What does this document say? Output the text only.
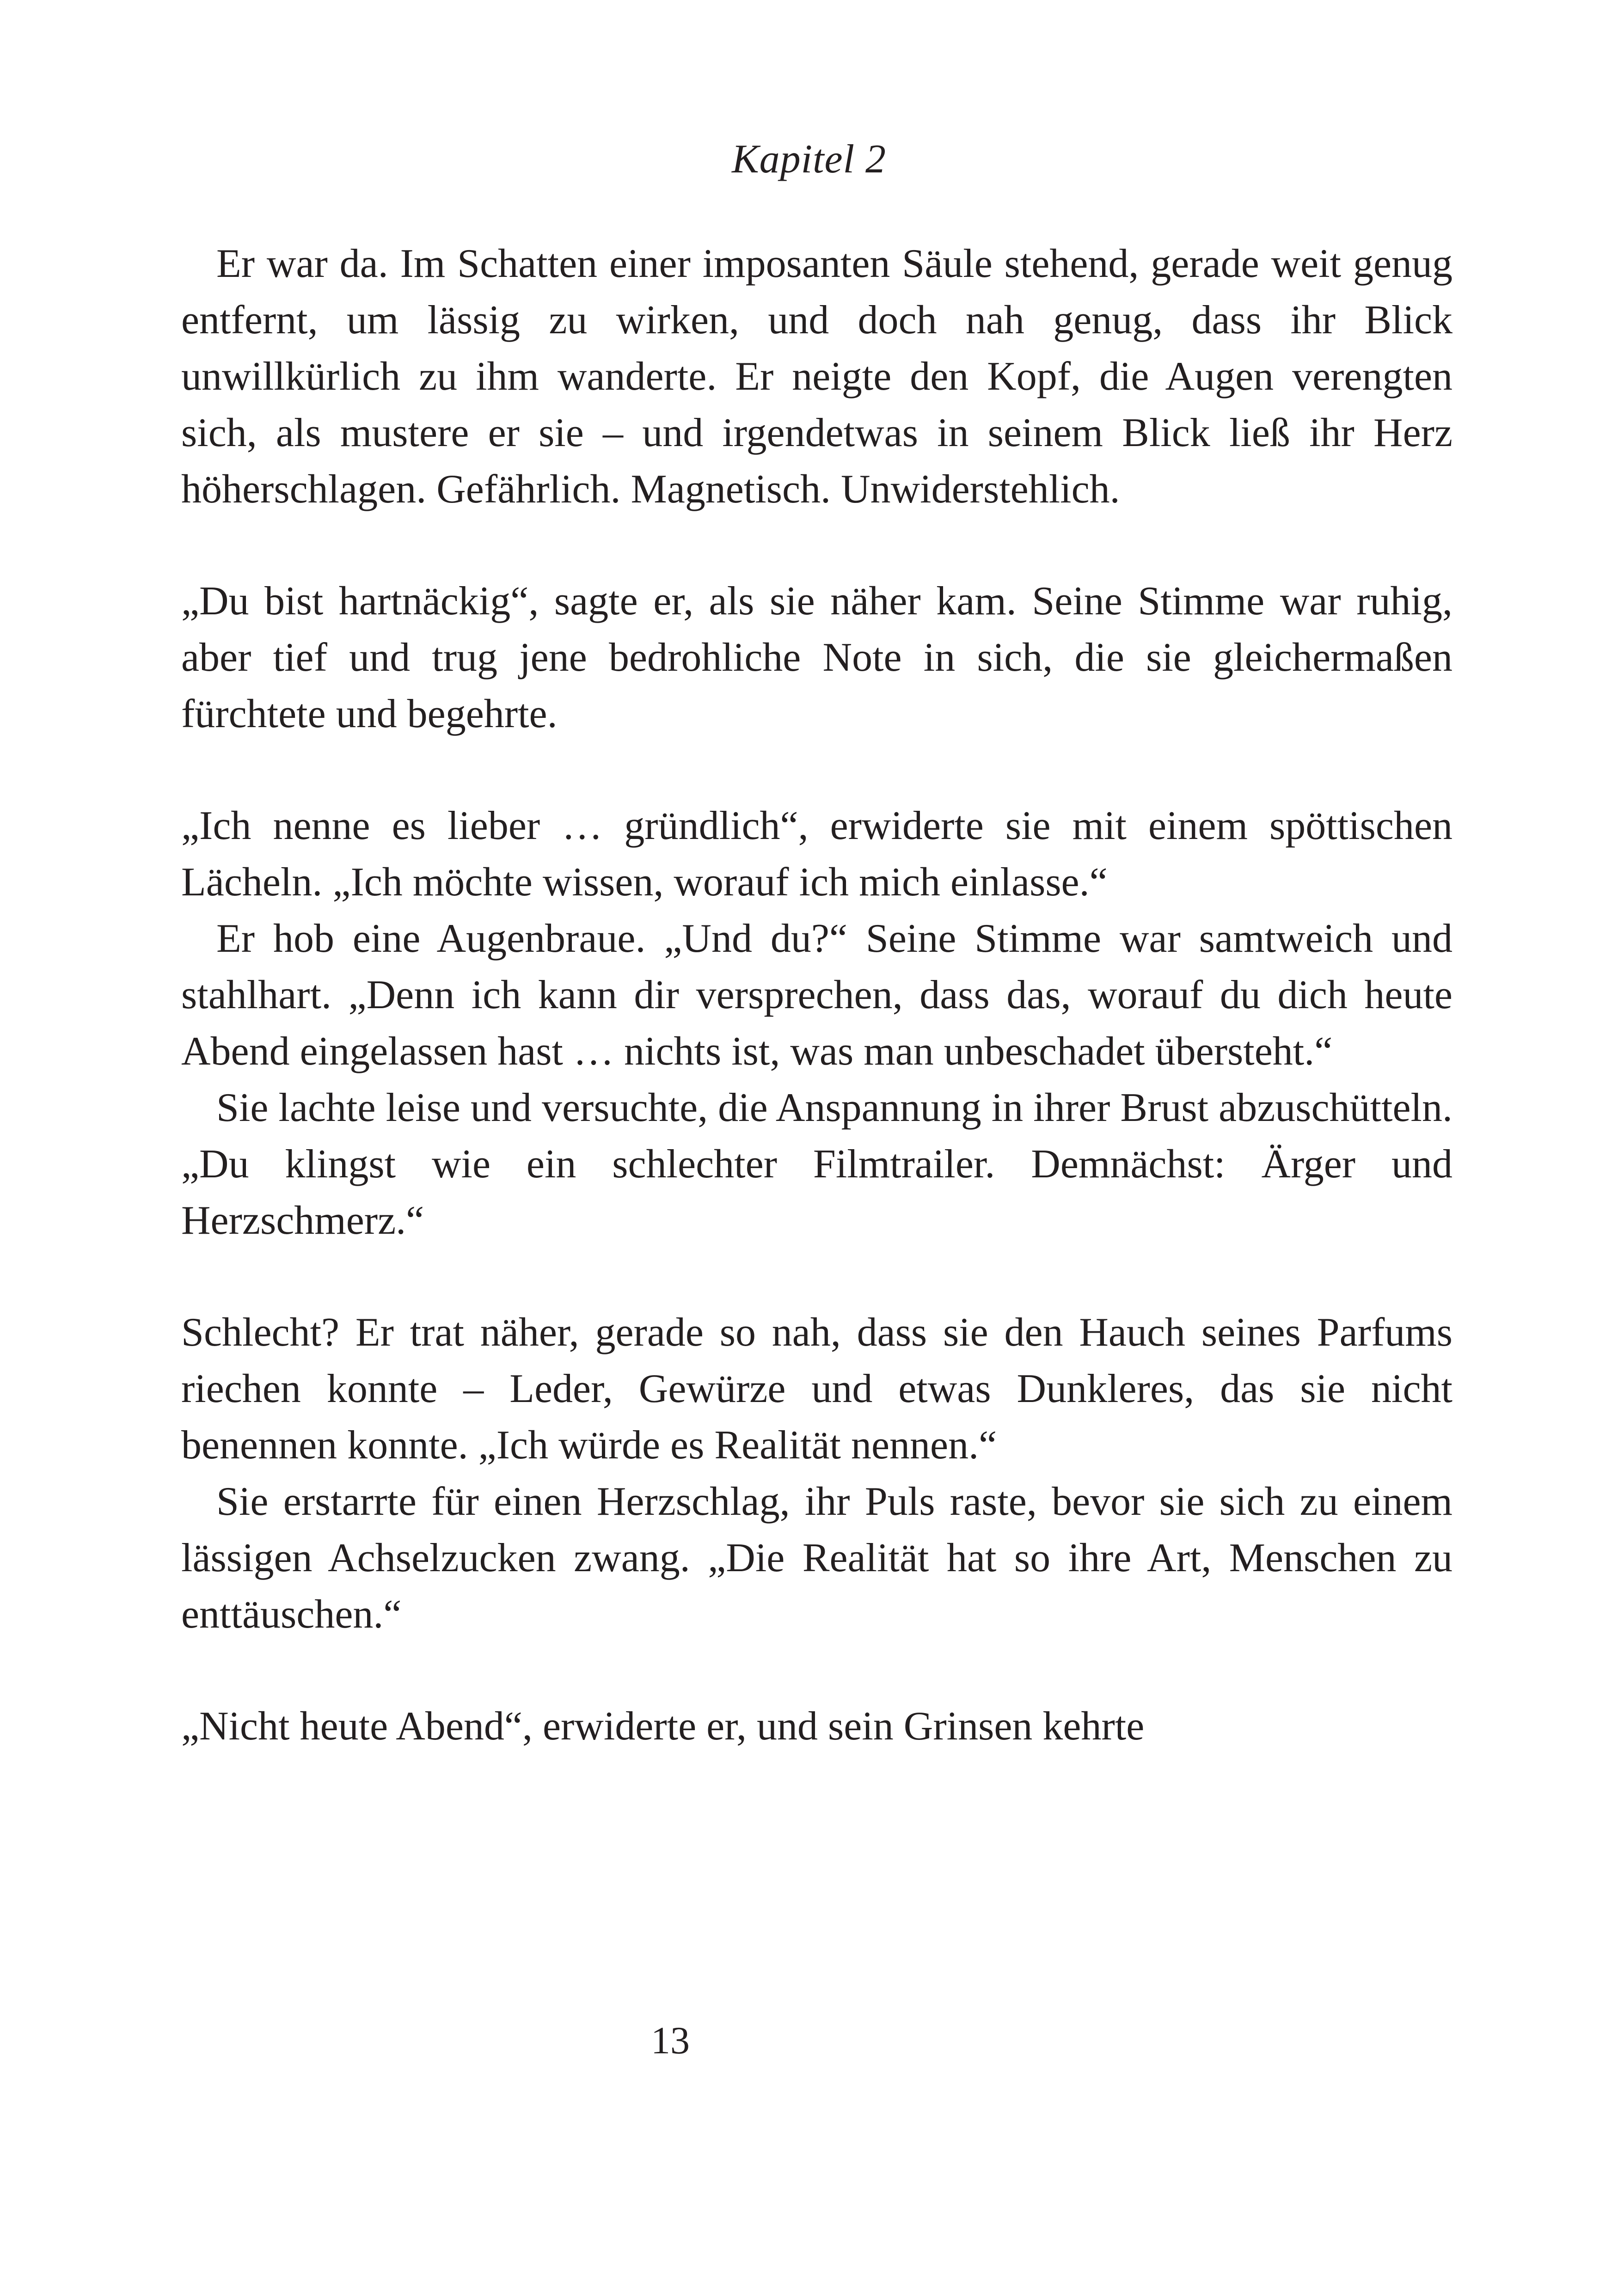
Kapitel 2

Er war da. Im Schatten einer imposanten Säule stehend, gerade weit genug entfernt, um lässig zu wirken, und doch nah genug, dass ihr Blick unwillkürlich zu ihm wanderte. Er neigte den Kopf, die Augen verengten sich, als mustere er sie – und irgendetwas in seinem Blick ließ ihr Herz höherschlagen. Gefährlich. Magnetisch. Unwiderstehlich.

„Du bist hartnäckig“, sagte er, als sie näher kam. Seine Stimme war ruhig, aber tief und trug jene bedrohliche Note in sich, die sie gleichermaßen fürchtete und begehrte.

„Ich nenne es lieber … gründlich“, erwiderte sie mit einem spöttischen Lächeln. „Ich möchte wissen, worauf ich mich einlasse.“

Er hob eine Augenbraue. „Und du?“ Seine Stimme war samtweich und stahlhart. „Denn ich kann dir versprechen, dass das, worauf du dich heute Abend eingelassen hast … nichts ist, was man unbeschadet übersteht.“

Sie lachte leise und versuchte, die Anspannung in ihrer Brust abzuschütteln. „Du klingst wie ein schlechter Filmtrailer. Demnächst: Ärger und Herzschmerz.“

Schlecht? Er trat näher, gerade so nah, dass sie den Hauch seines Parfums riechen konnte – Leder, Gewürze und etwas Dunkleres, das sie nicht benennen konnte. „Ich würde es Realität nennen.“

Sie erstarrte für einen Herzschlag, ihr Puls raste, bevor sie sich zu einem lässigen Achselzucken zwang. „Die Realität hat so ihre Art, Menschen zu enttäuschen.“

„Nicht heute Abend“, erwiderte er, und sein Grinsen kehrte

13
